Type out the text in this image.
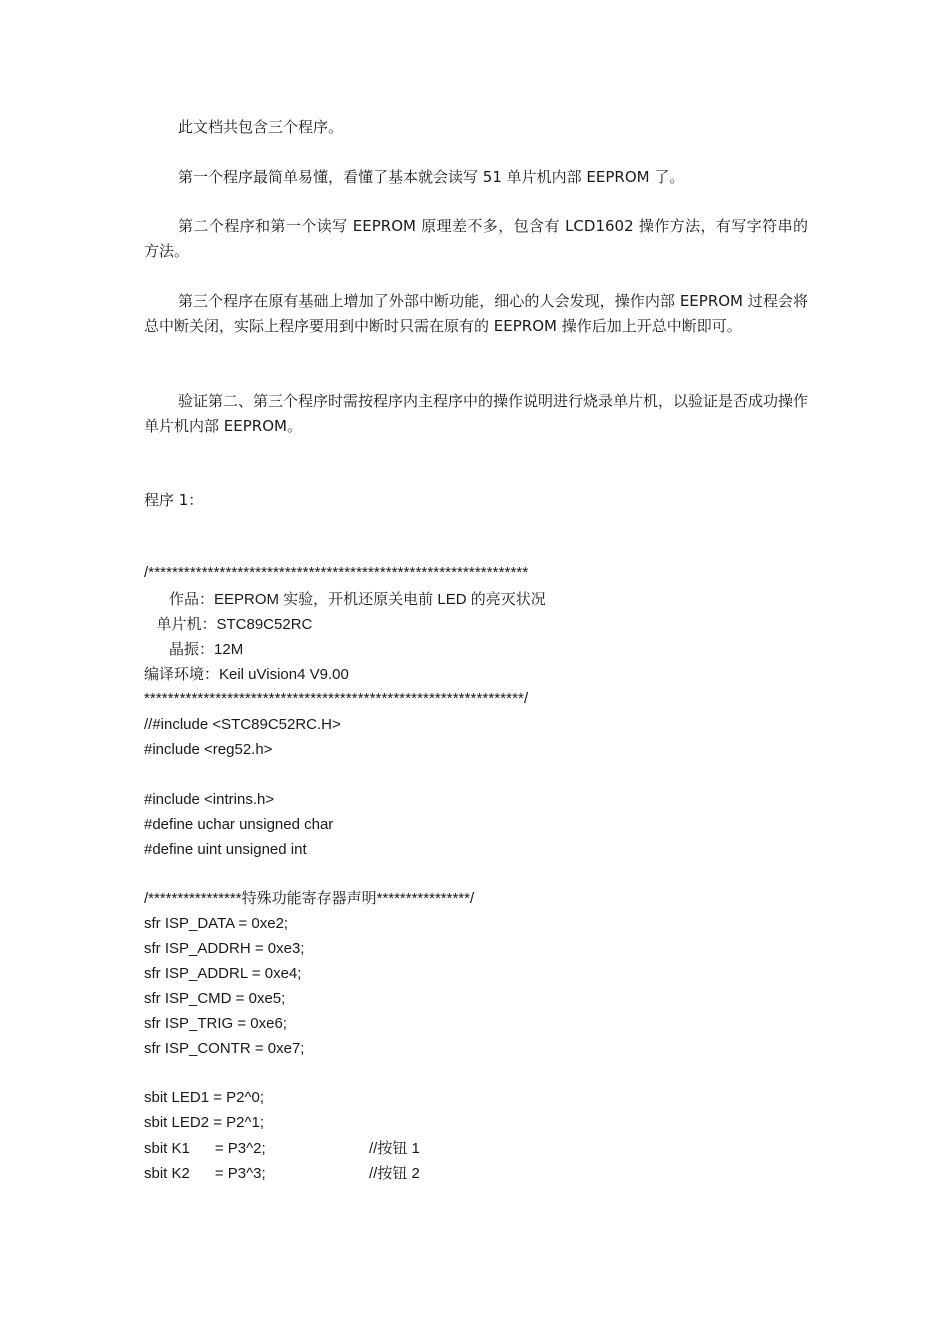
此文档共包含三个程序。

第一个程序最简单易懂，看懂了基本就会读写 51 单片机内部 EEPROM 了。

第二个程序和第一个读写 EEPROM 原理差不多，包含有 LCD1602 操作方法，有写字符串的方法。

第三个程序在原有基础上增加了外部中断功能，细心的人会发现，操作内部 EEPROM 过程会将总中断关闭，实际上程序要用到中断时只需在原有的 EEPROM 操作后加上开总中断即可。

验证第二、第三个程序时需按程序内主程序中的操作说明进行烧录单片机，以验证是否成功操作单片机内部 EEPROM。

程序 1：
/****************************************************************
作品：EEPROM 实验，开机还原关电前 LED 的亮灭状况
单片机：STC89C52RC
晶振：12M
编译环境：Keil uVision4 V9.00
****************************************************************/
//#include <STC89C52RC.H>
#include <reg52.h>
#include <intrins.h>
#define uchar unsigned char
#define uint unsigned int
/****************特殊功能寄存器声明****************/
sfr ISP_DATA = 0xe2;
sfr ISP_ADDRH = 0xe3;
sfr ISP_ADDRL = 0xe4;
sfr ISP_CMD = 0xe5;
sfr ISP_TRIG = 0xe6;
sfr ISP_CONTR = 0xe7;
sbit LED1 = P2^0;
sbit LED2 = P2^1;
sbit K1      = P3^2;	//按钮 1
sbit K2      = P3^3;	//按钮 2
